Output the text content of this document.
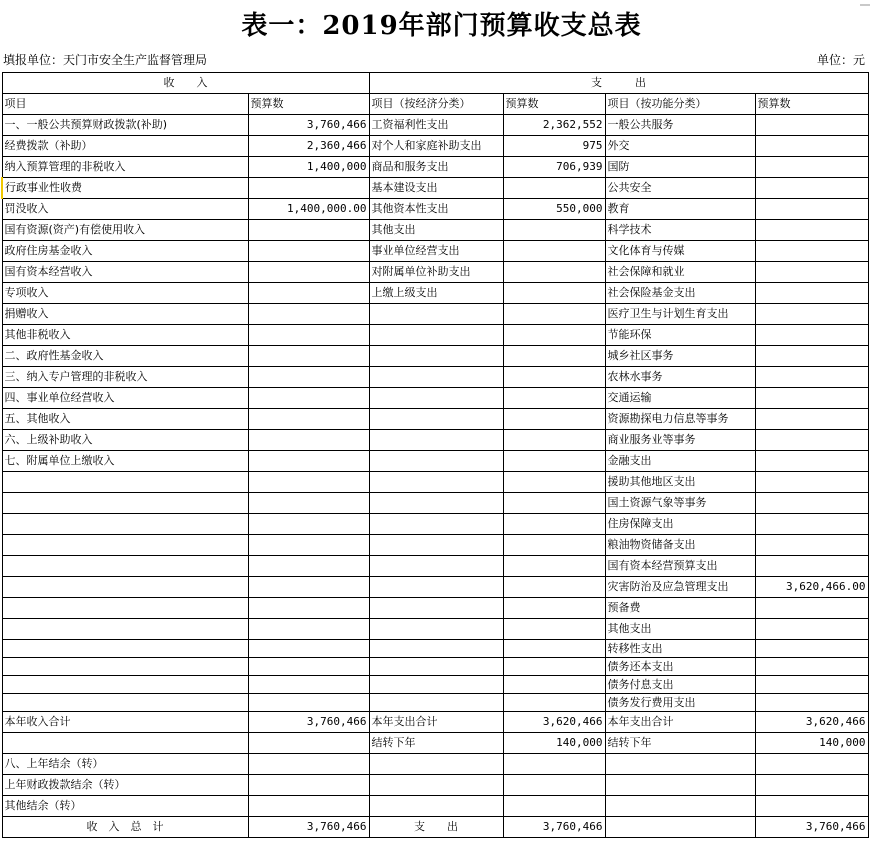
表一：2019年部门预算收支总表
填报单位：天门市安全生产监督管理局	单位：元
收　　入		支　　　出			
项目	预算数	项目（按经济分类）	预算数	项目（按功能分类）	预算数
一、一般公共预算财政拨款(补助)	3,760,466	工资福利性支出	2,362,552	一般公共服务	
经费拨款（补助）	2,360,466	对个人和家庭补助支出	975	外交	
纳入预算管理的非税收入	1,400,000	商品和服务支出	706,939	国防	
行政事业性收费		基本建设支出		公共安全	
罚没收入	1,400,000.00	其他资本性支出	550,000	教育	
国有资源(资产)有偿使用收入		其他支出		科学技术	
政府住房基金收入		事业单位经营支出		文化体育与传媒	
国有资本经营收入		对附属单位补助支出		社会保障和就业	
专项收入		上缴上级支出		社会保险基金支出	
捐赠收入				医疗卫生与计划生育支出	
其他非税收入				节能环保	
二、政府性基金收入				城乡社区事务	
三、纳入专户管理的非税收入				农林水事务	
四、事业单位经营收入				交通运输	
五、其他收入				资源勘探电力信息等事务	
六、上级补助收入				商业服务业等事务	
七、附属单位上缴收入				金融支出	
				援助其他地区支出	
				国土资源气象等事务	
				住房保障支出	
				粮油物资储备支出	
				国有资本经营预算支出	
				灾害防治及应急管理支出	3,620,466.00
				预备费	
				其他支出	
				转移性支出	
				债务还本支出	
				债务付息支出	
				债务发行费用支出	
本年收入合计	3,760,466	本年支出合计	3,620,466	本年支出合计	3,620,466
		结转下年	140,000	结转下年	140,000
八、上年结余（转）					
上年财政拨款结余（转）					
其他结余（转）					
收　入　总　计	3,760,466	支　　出	3,760,466		3,760,466
